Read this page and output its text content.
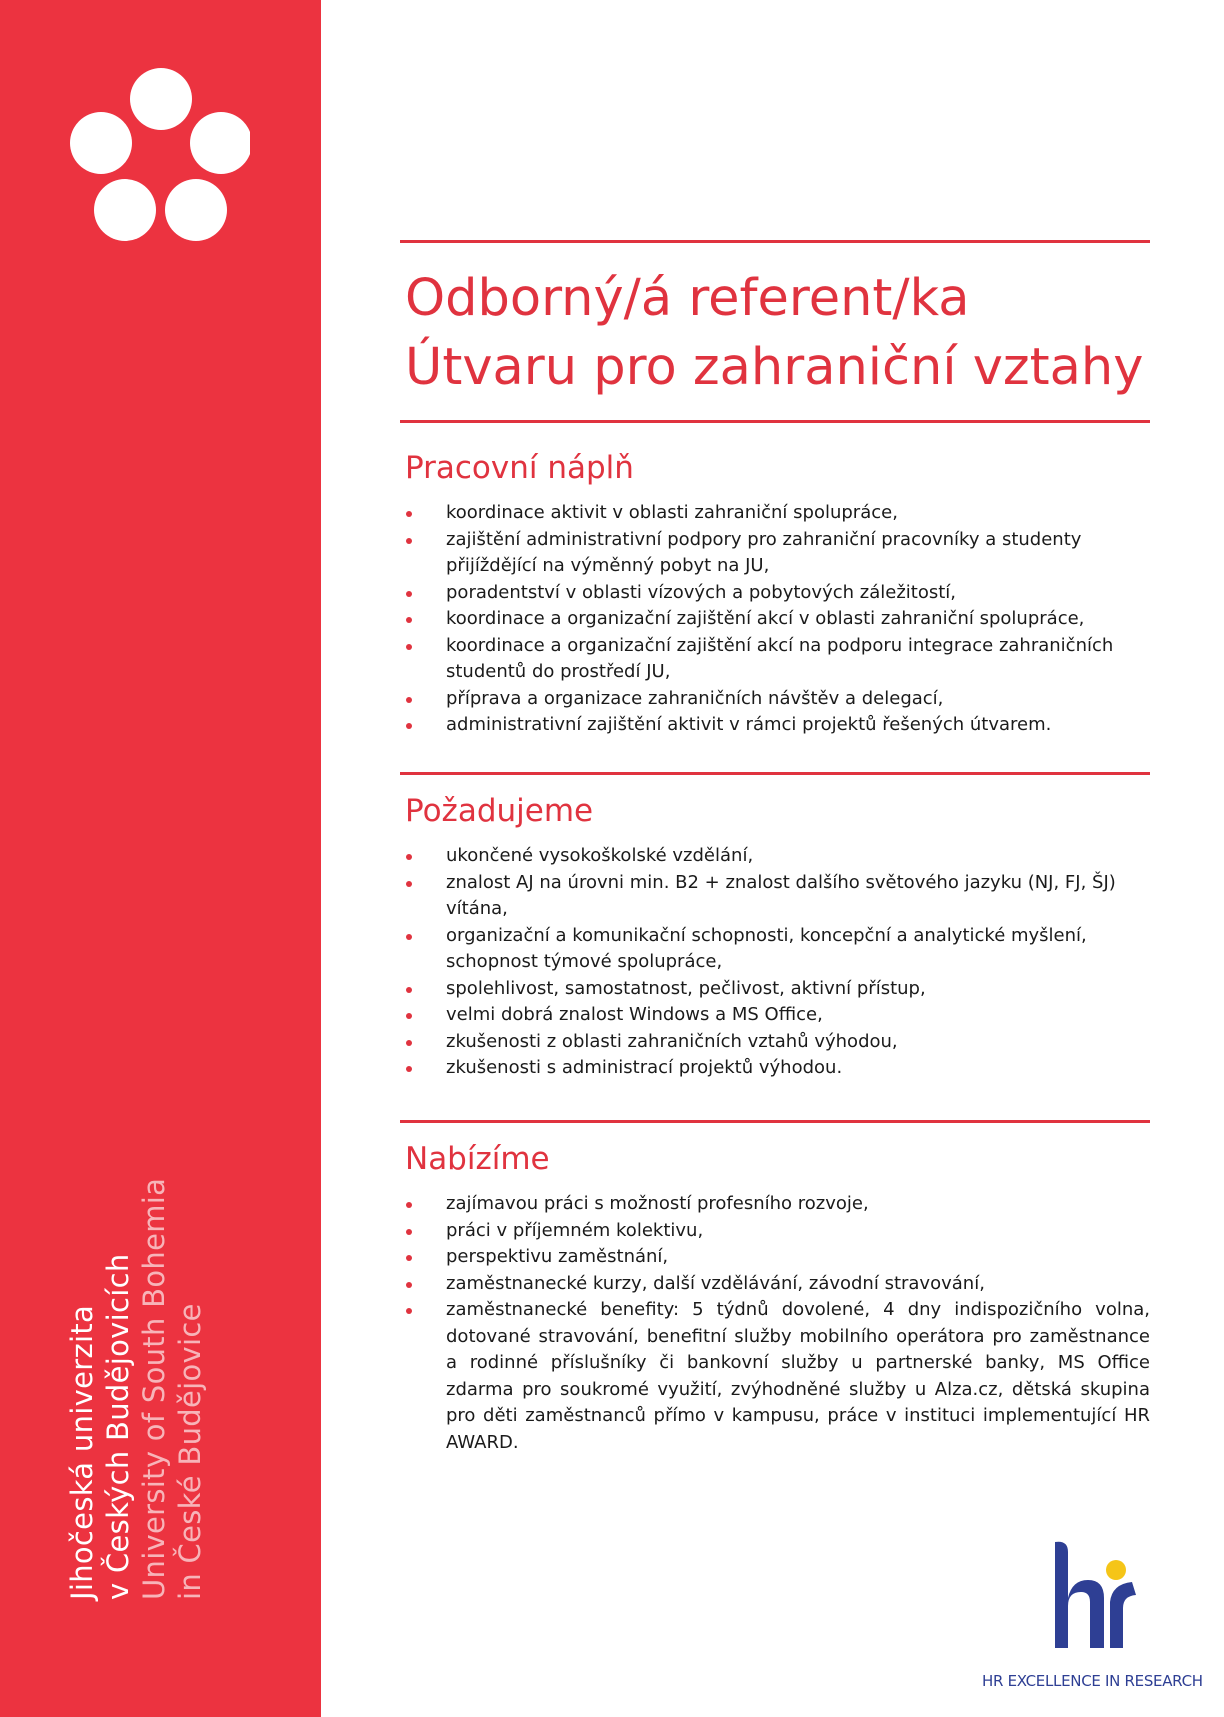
Jihočeská univerzita v Českých Budějovicích University of South Bohemia in České Budějovice
Odborný/á referent/ka
Útvaru pro zahraniční vztahy
Pracovní náplň
koordinace aktivit v oblasti zahraniční spolupráce,
zajištění administrativní podpory pro zahraniční pracovníky a studenty přijíždějící na výměnný pobyt na JU,
poradentství v oblasti vízových a pobytových záležitostí,
koordinace a organizační zajištění akcí v oblasti zahraniční spolupráce,
koordinace a organizační zajištění akcí na podporu integrace zahraničních studentů do prostředí JU,
příprava a organizace zahraničních návštěv a delegací,
administrativní zajištění aktivit v rámci projektů řešených útvarem.
Požadujeme
ukončené vysokoškolské vzdělání,
znalost AJ na úrovni min. B2 + znalost dalšího světového jazyku (NJ, FJ, ŠJ) vítána,
organizační a komunikační schopnosti, koncepční a analytické myšlení, schopnost týmové spolupráce,
spolehlivost, samostatnost, pečlivost, aktivní přístup,
velmi dobrá znalost Windows a MS Office,
zkušenosti z oblasti zahraničních vztahů výhodou,
zkušenosti s administrací projektů výhodou.
Nabízíme
zajímavou práci s možností profesního rozvoje,
práci v příjemném kolektivu,
perspektivu zaměstnání,
zaměstnanecké kurzy, další vzdělávání, závodní stravování,
zaměstnanecké benefity: 5 týdnů dovolené, 4 dny indispozičního volna, dotované stravování, benefitní služby mobilního operátora pro zaměstnance a rodinné příslušníky či bankovní služby u partnerské banky, MS Office zdarma pro soukromé využití, zvýhodněné služby u Alza.cz, dětská skupina pro děti zaměstnanců přímo v kampusu, práce v instituci implementující HR AWARD.
HR EXCELLENCE IN RESEARCH
